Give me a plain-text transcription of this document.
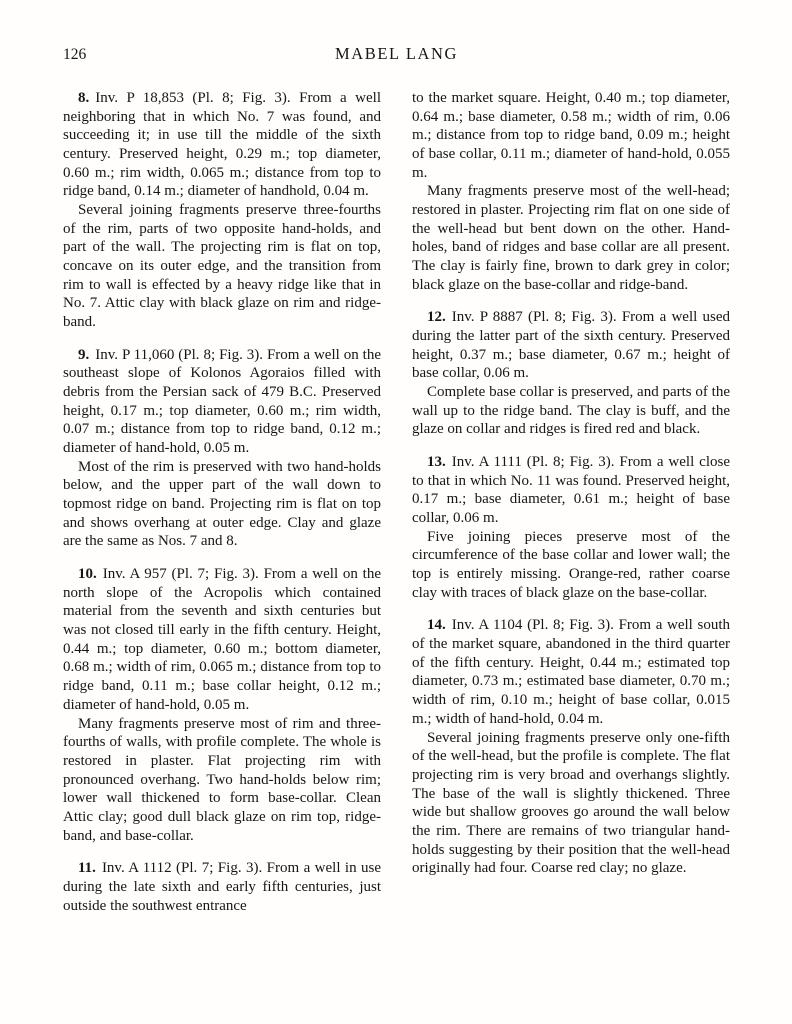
126	MABEL LANG

8. Inv. P 18,853 (Pl. 8; Fig. 3). From a well neighboring that in which No. 7 was found, and succeeding it; in use till the middle of the sixth century. Preserved height, 0.29 m.; top diameter, 0.60 m.; rim width, 0.065 m.; distance from top to ridge band, 0.14 m.; diameter of handhold, 0.04 m.

Several joining fragments preserve three-fourths of the rim, parts of two opposite hand-holds, and part of the wall. The projecting rim is flat on top, concave on its outer edge, and the transition from rim to wall is effected by a heavy ridge like that in No. 7. Attic clay with black glaze on rim and ridge-band.

9. Inv. P 11,060 (Pl. 8; Fig. 3). From a well on the southeast slope of Kolonos Agoraios filled with debris from the Persian sack of 479 B.C. Preserved height, 0.17 m.; top diameter, 0.60 m.; rim width, 0.07 m.; distance from top to ridge band, 0.12 m.; diameter of hand-hold, 0.05 m.

Most of the rim is preserved with two hand-holds below, and the upper part of the wall down to topmost ridge on band. Projecting rim is flat on top and shows overhang at outer edge. Clay and glaze are the same as Nos. 7 and 8.

10. Inv. A 957 (Pl. 7; Fig. 3). From a well on the north slope of the Acropolis which contained material from the seventh and sixth centuries but was not closed till early in the fifth century. Height, 0.44 m.; top diameter, 0.60 m.; bottom diameter, 0.68 m.; width of rim, 0.065 m.; distance from top to ridge band, 0.11 m.; base collar height, 0.12 m.; diameter of hand-hold, 0.05 m.

Many fragments preserve most of rim and three-fourths of walls, with profile complete. The whole is restored in plaster. Flat projecting rim with pronounced overhang. Two hand-holds below rim; lower wall thickened to form base-collar. Clean Attic clay; good dull black glaze on rim top, ridge-band, and base-collar.

11. Inv. A 1112 (Pl. 7; Fig. 3). From a well in use during the late sixth and early fifth centuries, just outside the southwest entrance

to the market square. Height, 0.40 m.; top diameter, 0.64 m.; base diameter, 0.58 m.; width of rim, 0.06 m.; distance from top to ridge band, 0.09 m.; height of base collar, 0.11 m.; diameter of hand-hold, 0.055 m.

Many fragments preserve most of the well-head; restored in plaster. Projecting rim flat on one side of the well-head but bent down on the other. Hand-holes, band of ridges and base collar are all present. The clay is fairly fine, brown to dark grey in color; black glaze on the base-collar and ridge-band.

12. Inv. P 8887 (Pl. 8; Fig. 3). From a well used during the latter part of the sixth century. Preserved height, 0.37 m.; base diameter, 0.67 m.; height of base collar, 0.06 m.

Complete base collar is preserved, and parts of the wall up to the ridge band. The clay is buff, and the glaze on collar and ridges is fired red and black.

13. Inv. A 1111 (Pl. 8; Fig. 3). From a well close to that in which No. 11 was found. Preserved height, 0.17 m.; base diameter, 0.61 m.; height of base collar, 0.06 m.

Five joining pieces preserve most of the circumference of the base collar and lower wall; the top is entirely missing. Orange-red, rather coarse clay with traces of black glaze on the base-collar.

14. Inv. A 1104 (Pl. 8; Fig. 3). From a well south of the market square, abandoned in the third quarter of the fifth century. Height, 0.44 m.; estimated top diameter, 0.73 m.; estimated base diameter, 0.70 m.; width of rim, 0.10 m.; height of base collar, 0.015 m.; width of hand-hold, 0.04 m.

Several joining fragments preserve only one-fifth of the well-head, but the profile is complete. The flat projecting rim is very broad and overhangs slightly. The base of the wall is slightly thickened. Three wide but shallow grooves go around the wall below the rim. There are remains of two triangular hand-holds suggesting by their position that the well-head originally had four. Coarse red clay; no glaze.
